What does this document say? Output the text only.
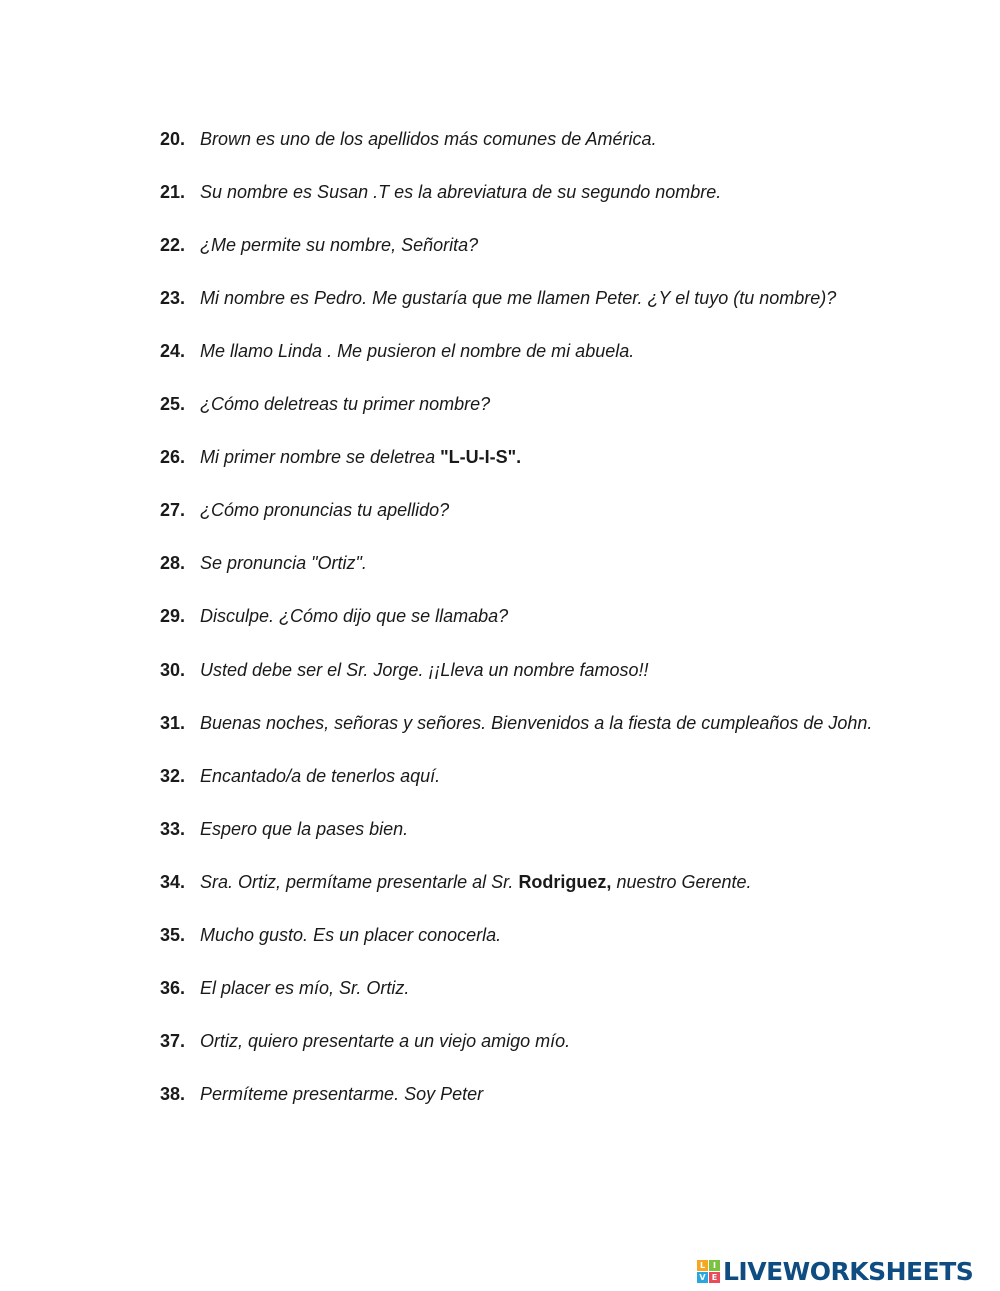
20. Brown es uno de los apellidos más comunes de América.
21. Su nombre es Susan .T es la abreviatura de su segundo nombre.
22. ¿Me permite su nombre, Señorita?
23. Mi nombre es Pedro. Me gustaría que me llamen Peter. ¿Y el tuyo (tu nombre)?
24. Me llamo Linda . Me pusieron el nombre de mi abuela.
25. ¿Cómo deletreas tu primer nombre?
26. Mi primer nombre se deletrea "L-U-I-S".
27. ¿Cómo pronuncias tu apellido?
28. Se pronuncia "Ortiz".
29. Disculpe. ¿Cómo dijo que se llamaba?
30. Usted debe ser el Sr. Jorge. ¡¡Lleva un nombre famoso!!
31. Buenas noches, señoras y señores. Bienvenidos a la fiesta de cumpleaños de John.
32. Encantado/a de tenerlos aquí.
33. Espero que la pases bien.
34. Sra. Ortiz, permítame presentarle al Sr. Rodriguez, nuestro Gerente.
35. Mucho gusto. Es un placer conocerla.
36. El placer es mío, Sr. Ortiz.
37. Ortiz, quiero presentarte a un viejo amigo mío.
38. Permíteme presentarme. Soy Peter
L I
V E LIVEWORKSHEETS
